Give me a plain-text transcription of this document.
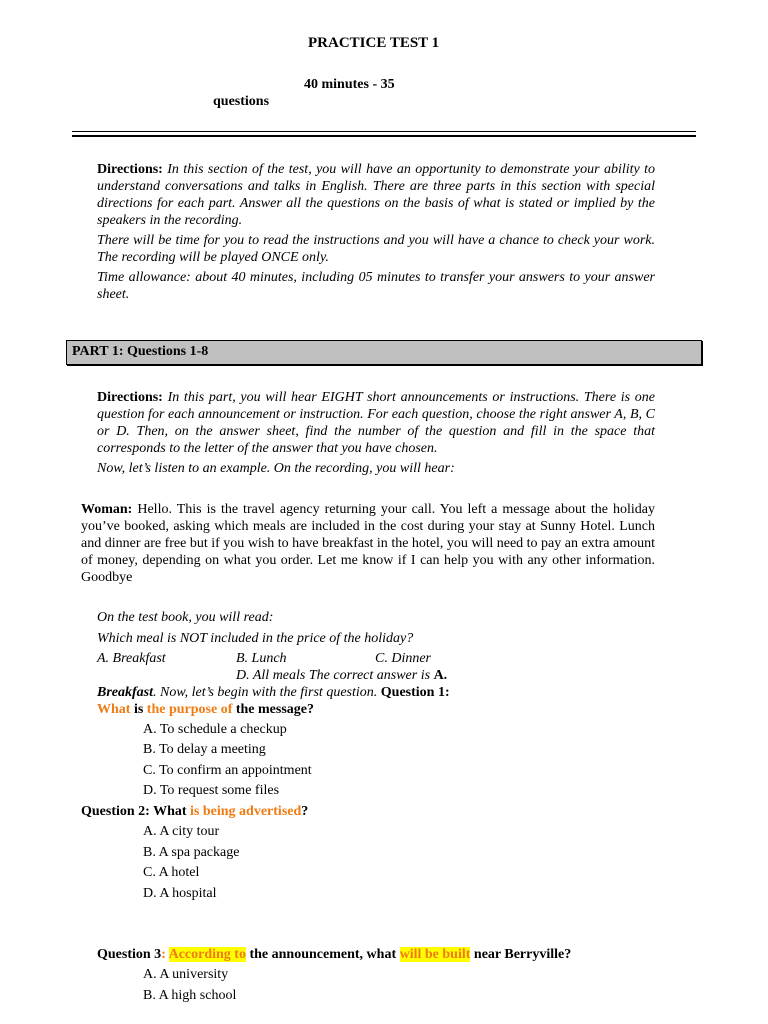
PRACTICE TEST 1
40 minutes - 35
questions
Directions: In this section of the test, you will have an opportunity to demonstrate your ability to understand conversations and talks in English. There are three parts in this section with special directions for each part. Answer all the questions on the basis of what is stated or implied by the speakers in the recording.
There will be time for you to read the instructions and you will have a chance to check your work. The recording will be played ONCE only.
Time allowance: about 40 minutes, including 05 minutes to transfer your answers to your answer sheet.
PART 1: Questions 1-8
Directions: In this part, you will hear EIGHT short announcements or instructions. There is one question for each announcement or instruction. For each question, choose the right answer A, B, C or D. Then, on the answer sheet, find the number of the question and fill in the space that corresponds to the letter of the answer that you have chosen.
Now, let’s listen to an example. On the recording, you will hear:
Woman: Hello. This is the travel agency returning your call. You left a message about the holiday you’ve booked, asking which meals are included in the cost during your stay at Sunny Hotel. Lunch and dinner are free but if you wish to have breakfast in the hotel, you will need to pay an extra amount of money, depending on what you order. Let me know if I can help you with any other information. Goodbye
On the test book, you will read:
Which meal is NOT included in the price of the holiday?
A. Breakfast	B. Lunch	C. Dinner
D. All meals The correct answer is A.
Breakfast. Now, let’s begin with the first question. Question 1:
What is the purpose of the message?
A. To schedule a checkup
B. To delay a meeting
C. To confirm an appointment
D. To request some files
Question 2: What is being advertised?
A. A city tour
B. A spa package
C. A hotel
D. A hospital
Question 3: According to the announcement, what will be built near Berryville?
A. A university
B. A high school
